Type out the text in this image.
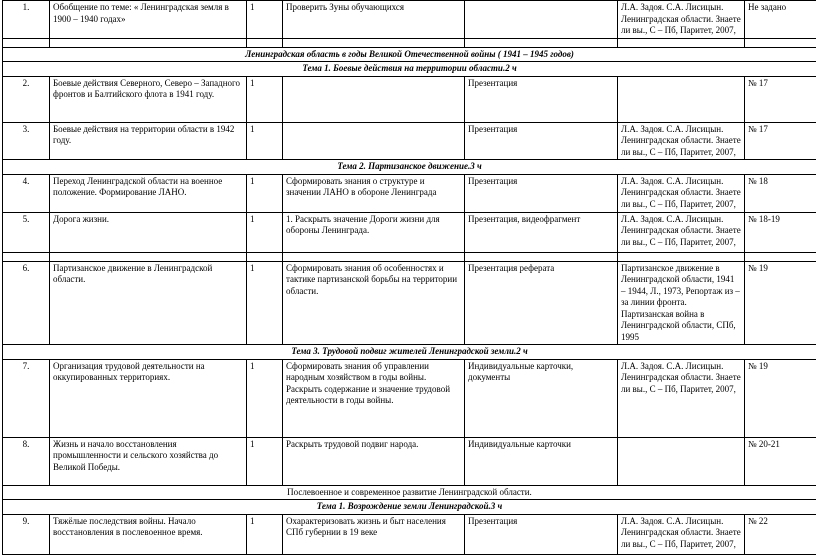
1.	Обобщение по теме: « Ленинградская земля в 1900 – 1940 годах»	1	Проверить Зуны обучающихся		Л.А. Задоя. С.А. Лисицын. Ленинградская области. Знаете ли вы., С – Пб, Паритет, 2007,	Не задано

Ленинградская область в годы Великой Отечественной войны ( 1941 – 1945 годов)						
Тема 1. Боевые действия на территории области.2 ч						
2.	Боевые действия Северного, Северо – Западного фронтов и Балтийского флота в 1941 году.	1		Презентация		№ 17
3.	Боевые действия на территории области в 1942 году.	1		Презентация	Л.А. Задоя. С.А. Лисицын. Ленинградская области. Знаете ли вы., С – Пб, Паритет, 2007,	№ 17
Тема 2. Партизанское движение.3 ч						
4.	Переход Ленинградской области на военное положение. Формирование ЛАНО.	1	Сформировать знания о структуре и значении ЛАНО в обороне Ленинграда	Презентация	Л.А. Задоя. С.А. Лисицын. Ленинградская области. Знаете ли вы., С – Пб, Паритет, 2007,	№ 18
5.	Дорога жизни.	1	1. Раскрыть значение Дороги жизни для обороны Ленинграда.	Презентация, видеофрагмент	Л.А. Задоя. С.А. Лисицын. Ленинградская области. Знаете ли вы., С – Пб, Паритет, 2007,	№ 18-19

6.	Партизанское движение в Ленинградской области.	1	Сформировать знания об особенностях и тактике партизанской борьбы на территории области.	Презентация реферата	Партизанское движение в Ленинградской области, 1941 – 1944, Л., 1973, Репортаж из – за линии фронта. Партизанская война в Ленинградской области, СПб, 1995	№ 19
Тема 3. Трудовой подвиг жителей Ленинградской земли.2 ч						
7.	Организация трудовой деятельности на оккупированных территориях.	1	Сформировать знания об управлении народным хозяйством в годы войны. Раскрыть содержание и значение трудовой деятельности в годы войны.	Индивидуальные карточки, документы	Л.А. Задоя. С.А. Лисицын. Ленинградская области. Знаете ли вы., С – Пб, Паритет, 2007,	№ 19
8.	Жизнь и начало восстановления промышленности и сельского хозяйства до Великой Победы.	1	Раскрыть трудовой подвиг народа.	Индивидуальные карточки		№ 20-21
Послевоенное и современное развитие Ленинградской области.						
Тема 1. Возрождение земли Ленинградской.3 ч						
9.	Тяжёлые последствия войны. Начало восстановления в послевоенное время.	1	Охарактеризовать жизнь и быт населения СПб губернии в 19 веке	Презентация	Л.А. Задоя. С.А. Лисицын. Ленинградская области. Знаете ли вы., С – Пб, Паритет, 2007,	№ 22
